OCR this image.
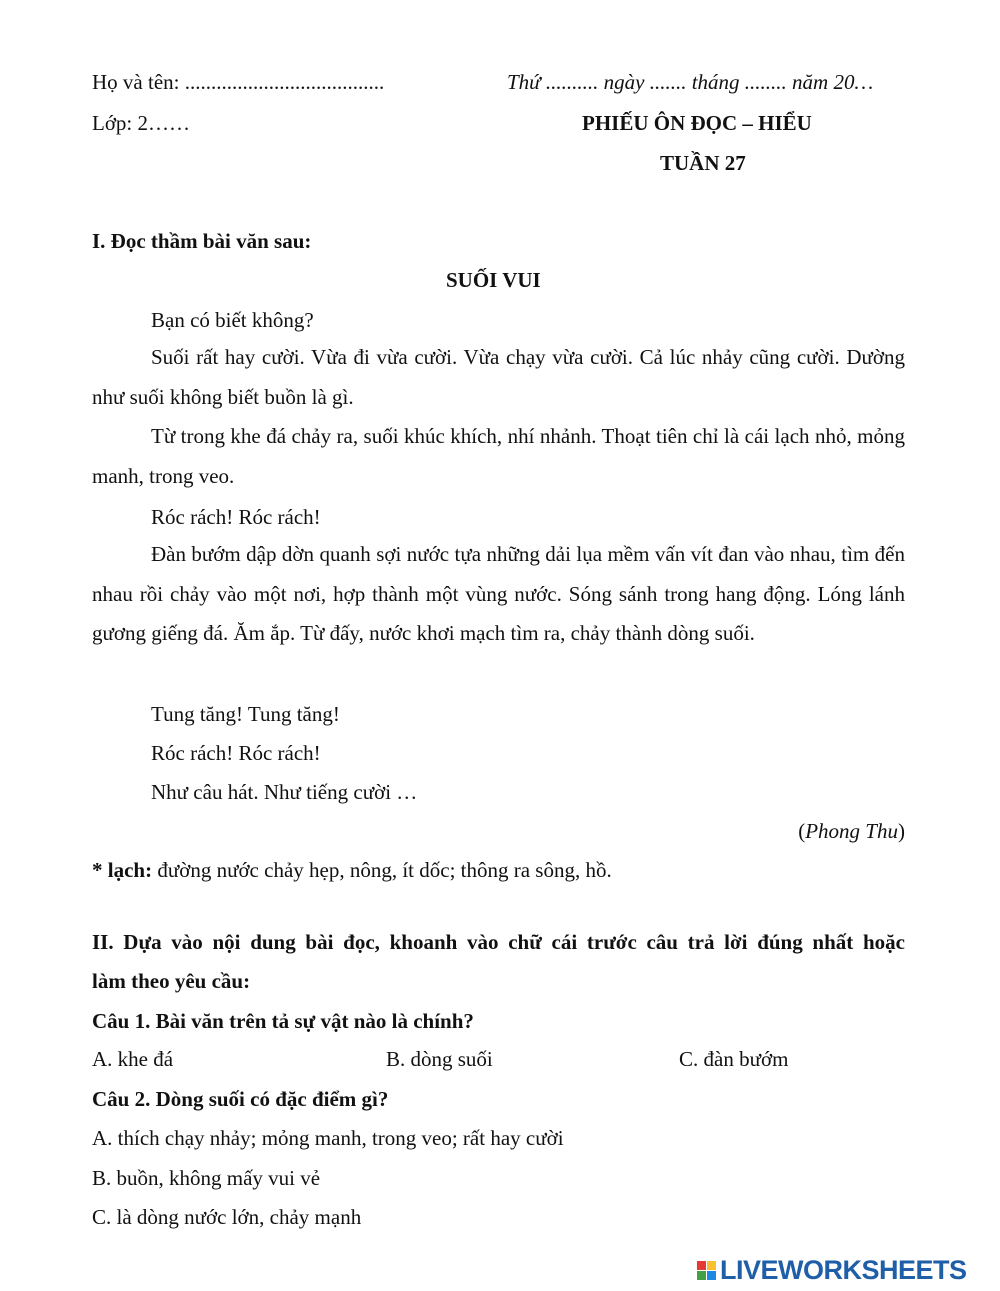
Họ và tên: ......................................	Thứ .......... ngày ....... tháng ........ năm 20…
Lớp: 2……	PHIẾU ÔN ĐỌC – HIỂU
TUẦN 27
I. Đọc thầm bài văn sau:
SUỐI VUI
Bạn có biết không?
Suối rất hay cười. Vừa đi vừa cười. Vừa chạy vừa cười. Cả lúc nhảy cũng cười. Dường như suối không biết buồn là gì.
Từ trong khe đá chảy ra, suối khúc khích, nhí nhảnh. Thoạt tiên chỉ là cái lạch nhỏ, mỏng manh, trong veo.
Róc rách! Róc rách!
Đàn bướm dập dờn quanh sợi nước tựa những dải lụa mềm vấn vít đan vào nhau, tìm đến nhau rồi chảy vào một nơi, hợp thành một vùng nước. Sóng sánh trong hang động. Lóng lánh gương giếng đá. Ăm ắp. Từ đấy, nước khơi mạch tìm ra, chảy thành dòng suối.
Tung tăng! Tung tăng!
Róc rách! Róc rách!
Như câu hát. Như tiếng cười …
(Phong Thu)
* lạch: đường nước chảy hẹp, nông, ít dốc; thông ra sông, hồ.
II. Dựa vào nội dung bài đọc, khoanh vào chữ cái trước câu trả lời đúng nhất hoặc
làm theo yêu cầu:
Câu 1. Bài văn trên tả sự vật nào là chính?
A. khe đá	B. dòng suối	C. đàn bướm
Câu 2. Dòng suối có đặc điểm gì?
A. thích chạy nhảy; mỏng manh, trong veo; rất hay cười
B. buồn, không mấy vui vẻ
C. là dòng nước lớn, chảy mạnh
LIVEWORKSHEETS
